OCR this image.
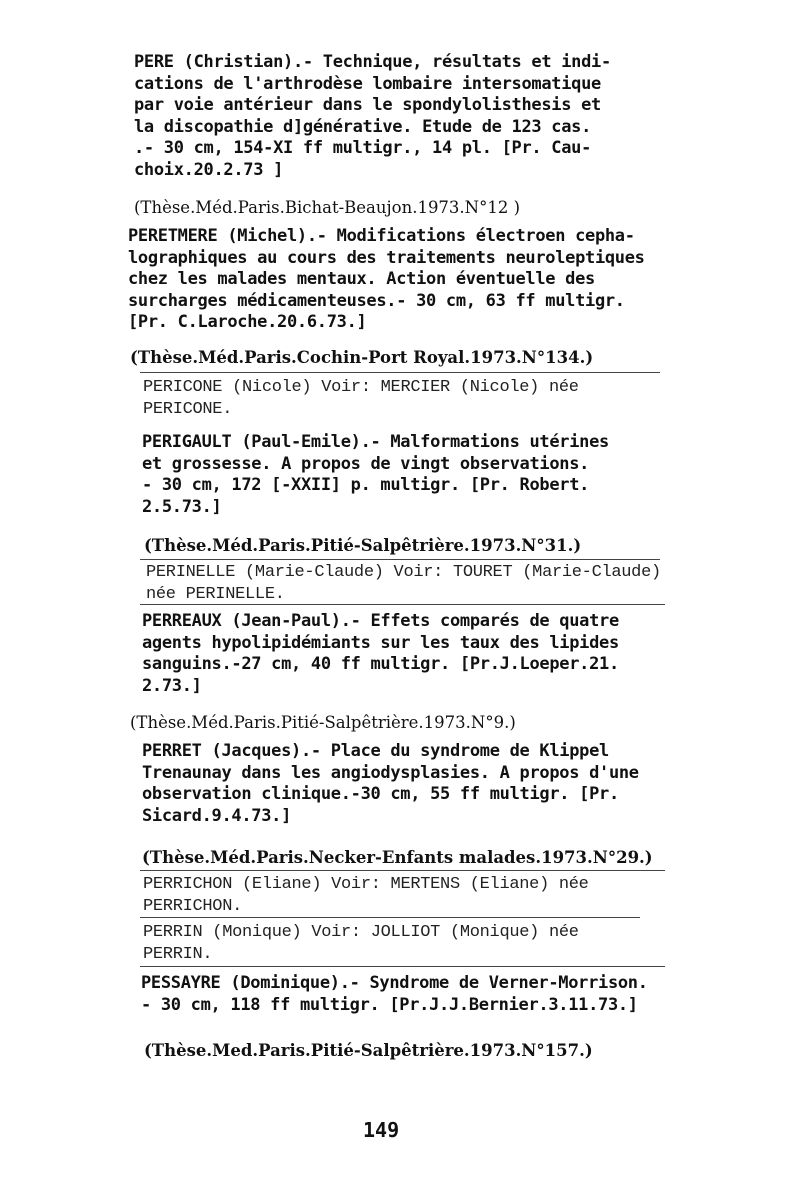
PERE (Christian).- Technique, résultats et indi-
cations de l'arthrodèse lombaire intersomatique
par voie antérieur dans le spondylolisthesis et
la discopathie d]générative. Etude de 123 cas.
.- 30 cm, 154-XI ff multigr., 14 pl. [Pr. Cau-
choix.20.2.73 ]
(Thèse.Méd.Paris.Bichat-Beaujon.1973.N°12 )
PERETMERE (Michel).- Modifications électroen cepha-
lographiques au cours des traitements neuroleptiques
chez les malades mentaux. Action éventuelle des
surcharges médicamenteuses.- 30 cm, 63 ff multigr.
[Pr. C.Laroche.20.6.73.]
(Thèse.Méd.Paris.Cochin-Port Royal.1973.N°134.)
PERICONE (Nicole) Voir: MERCIER (Nicole) née
PERICONE.
PERIGAULT (Paul-Emile).- Malformations utérines
et grossesse. A propos de vingt observations.
- 30 cm, 172 [-XXII] p. multigr. [Pr. Robert.
2.5.73.]
(Thèse.Méd.Paris.Pitié-Salpêtrière.1973.N°31.)
PERINELLE (Marie-Claude) Voir: TOURET (Marie-Claude)
née PERINELLE.
PERREAUX (Jean-Paul).- Effets comparés de quatre
agents hypolipidémiants sur les taux des lipides
sanguins.-27 cm, 40 ff multigr. [Pr.J.Loeper.21.
2.73.]
(Thèse.Méd.Paris.Pitié-Salpêtrière.1973.N°9.)
PERRET (Jacques).- Place du syndrome de Klippel
Trenaunay dans les angiodysplasies. A propos d'une
observation clinique.-30 cm, 55 ff multigr. [Pr.
Sicard.9.4.73.]
(Thèse.Méd.Paris.Necker-Enfants malades.1973.N°29.)
PERRICHON (Eliane) Voir: MERTENS (Eliane) née
PERRICHON.
PERRIN (Monique) Voir: JOLLIOT (Monique) née
PERRIN.
PESSAYRE (Dominique).- Syndrome de Verner-Morrison.
- 30 cm, 118 ff multigr. [Pr.J.J.Bernier.3.11.73.]
(Thèse.Med.Paris.Pitié-Salpêtrière.1973.N°157.)
149
